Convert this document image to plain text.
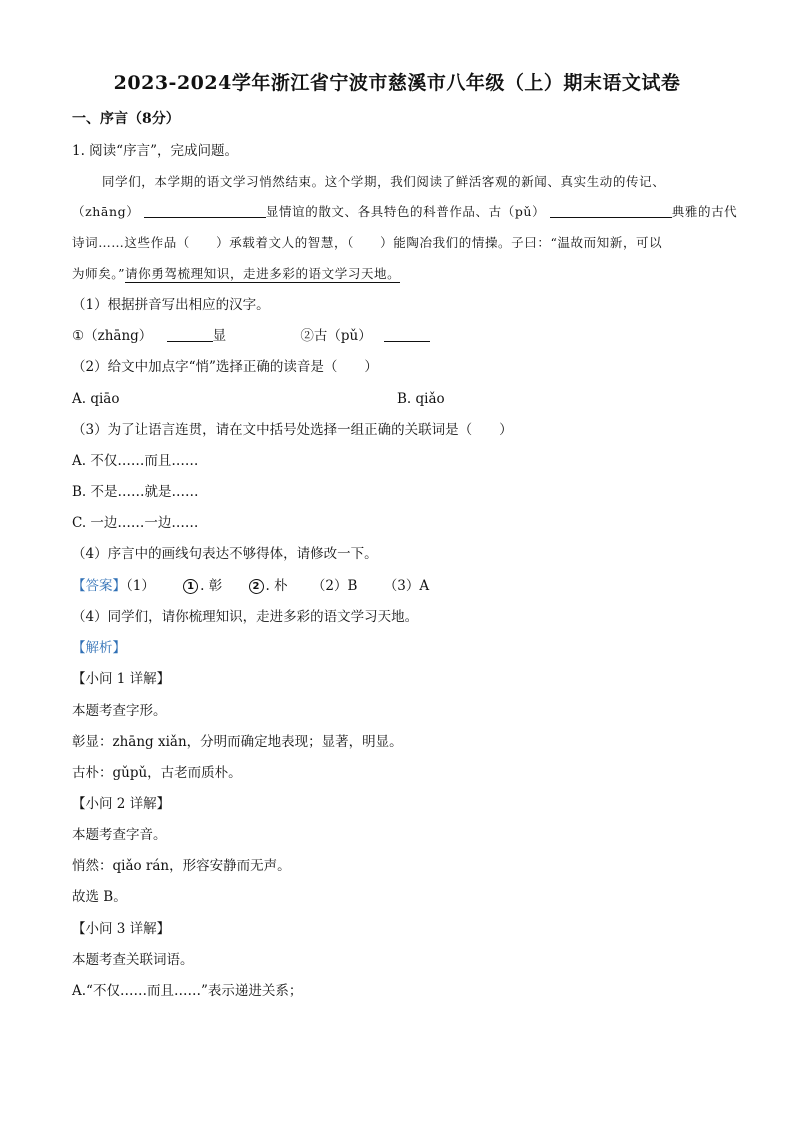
2023-2024学年浙江省宁波市慈溪市八年级（上）期末语文试卷
一、序言（8分）
1. 阅读“序言”，完成问题。
同学们，本学期的语文学习悄然结束。这个学期，我们阅读了鲜活客观的新闻、真实生动的传记、
（zhāng）	显情谊的散文、各具特色的科普作品、古（pǔ）	典雅的古代
诗词……这些作品（　　）承载着文人的智慧，（　　）能陶冶我们的情操。子曰：“温故而知新，可以
为师矣。”请你勇驾梳理知识，走进多彩的语文学习天地。
（1）根据拼音写出相应的汉字。
①（zhāng）	显	②古（pǔ）
（2）给文中加点字“悄”选择正确的读音是（　　）
A. qiāo	B. qiǎo
（3）为了让语言连贯，请在文中括号处选择一组正确的关联词是（　　）
A. 不仅……而且……
B. 不是……就是……
C. 一边……一边……
（4）序言中的画线句表达不够得体，请修改一下。
【答案】（1）	1 . 彰	2 . 朴 （2）B （3）A
（4）同学们，请你梳理知识，走进多彩的语文学习天地。
【解析】
【小问 1 详解】
本题考查字形。
彰显：zhāng xiǎn，分明而确定地表现；显著，明显。
古朴：gǔpǔ，古老而质朴。
【小问 2 详解】
本题考查字音。
悄然：qiǎo rán，形容安静而无声。
故选 B。
【小问 3 详解】
本题考查关联词语。
A.“不仅……而且……”表示递进关系；
